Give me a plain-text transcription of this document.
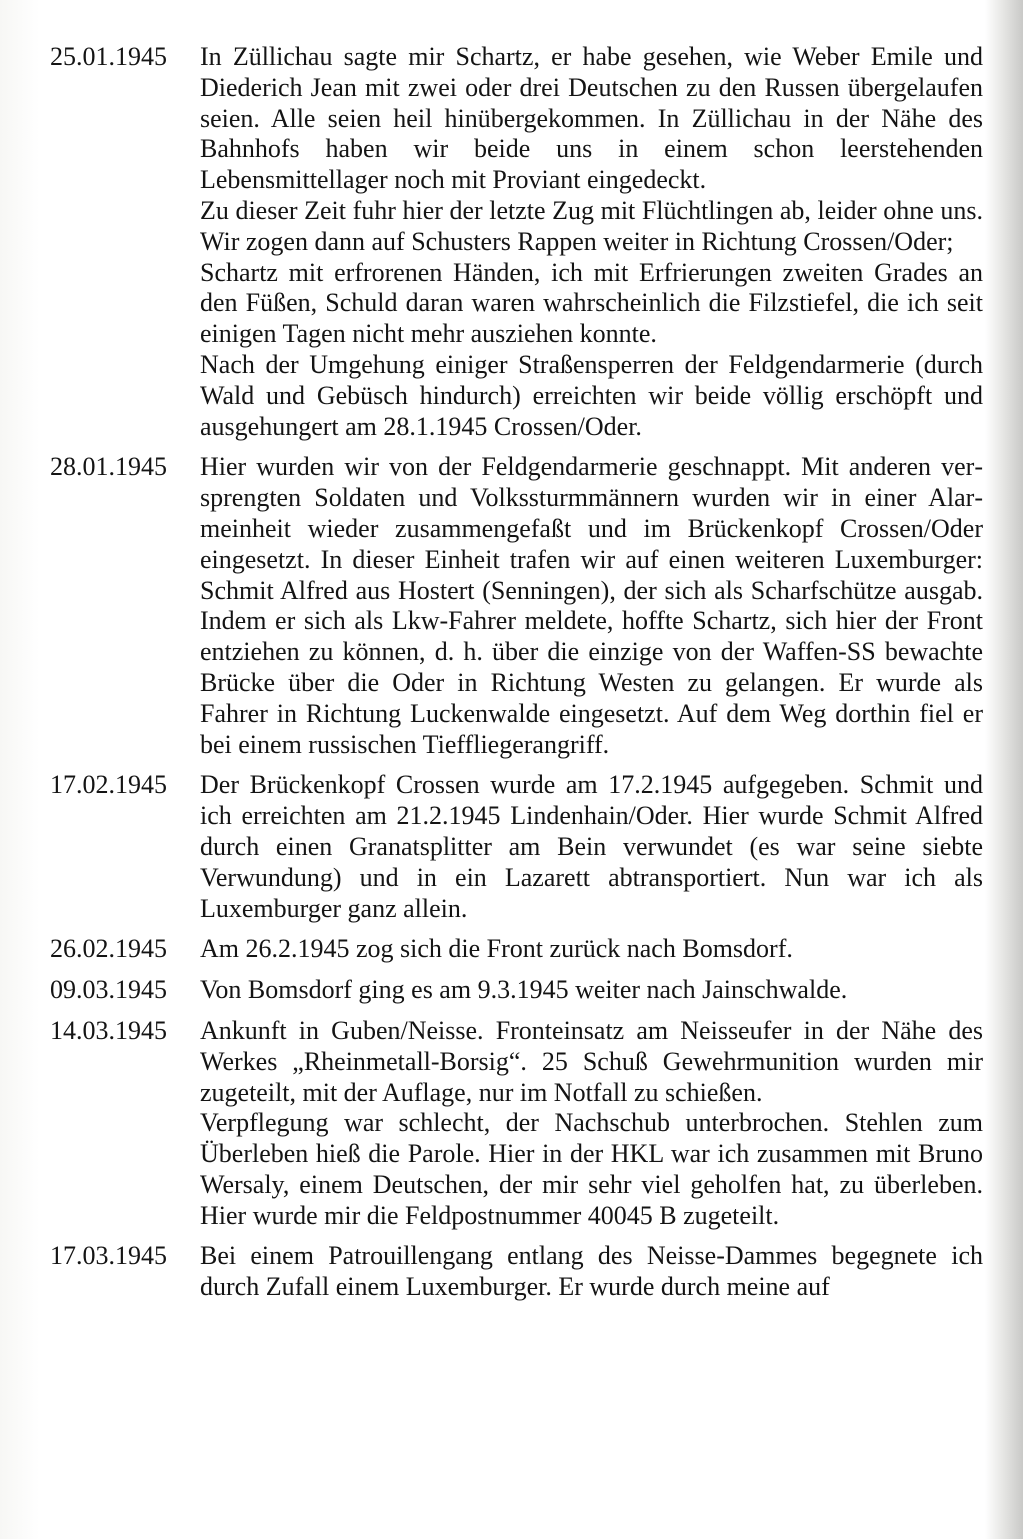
25.01.1945	In Züllichau sagte mir Schartz, er habe gesehen, wie Weber Emile und Diederich Jean mit zwei oder drei Deutschen zu den Russen übergelaufen seien. Alle seien heil hinübergekommen. In Züllichau in der Nähe des Bahnhofs haben wir beide uns in einem schon leerstehenden Lebensmittellager noch mit Proviant eingedeckt.

Zu dieser Zeit fuhr hier der letzte Zug mit Flüchtlingen ab, leider ohne uns. Wir zogen dann auf Schusters Rappen weiter in Richtung Crossen/Oder;

Schartz mit erfrorenen Händen, ich mit Erfrierungen zweiten Grades an den Füßen, Schuld daran waren wahrscheinlich die Filzstiefel, die ich seit einigen Tagen nicht mehr ausziehen konnte.

Nach der Umgehung einiger Straßensperren der Feldgendarmerie (durch Wald und Gebüsch hindurch) erreichten wir beide völlig erschöpft und ausgehungert am 28.1.1945 Crossen/Oder.

28.01.1945	Hier wurden wir von der Feldgendarmerie geschnappt. Mit anderen versprengten Soldaten und Volkssturmmännern wurden wir in einer Alarmeinheit wieder zusammengefaßt und im Brückenkopf Crossen/Oder eingesetzt. In dieser Einheit trafen wir auf einen weiteren Luxemburger: Schmit Alfred aus Hostert (Senningen), der sich als Scharfschütze ausgab. Indem er sich als Lkw-Fahrer meldete, hoffte Schartz, sich hier der Front entziehen zu können, d. h. über die einzige von der Waffen-SS bewachte Brücke über die Oder in Richtung Westen zu gelangen. Er wurde als Fahrer in Richtung Luckenwalde eingesetzt. Auf dem Weg dorthin fiel er bei einem russischen Tieffliegerangriff.

17.02.1945	Der Brückenkopf Crossen wurde am 17.2.1945 aufgegeben. Schmit und ich erreichten am 21.2.1945 Lindenhain/Oder. Hier wurde Schmit Alfred durch einen Granatsplitter am Bein verwundet (es war seine siebte Verwundung) und in ein Lazarett abtransportiert. Nun war ich als Luxemburger ganz allein.

26.02.1945	Am 26.2.1945 zog sich die Front zurück nach Bomsdorf.

09.03.1945	Von Bomsdorf ging es am 9.3.1945 weiter nach Jainschwalde.

14.03.1945	Ankunft in Guben/Neisse. Fronteinsatz am Neisseufer in der Nähe des Werkes „Rheinmetall-Borsig“. 25 Schuß Gewehrmunition wurden mir zugeteilt, mit der Auflage, nur im Notfall zu schießen.

Verpflegung war schlecht, der Nachschub unterbrochen. Stehlen zum Überleben hieß die Parole. Hier in der HKL war ich zusammen mit Bruno Wersaly, einem Deutschen, der mir sehr viel geholfen hat, zu überleben. Hier wurde mir die Feldpostnummer 40045 B zugeteilt.

17.03.1945	Bei einem Patrouillengang entlang des Neisse-Dammes begegnete ich durch Zufall einem Luxemburger. Er wurde durch meine auf
